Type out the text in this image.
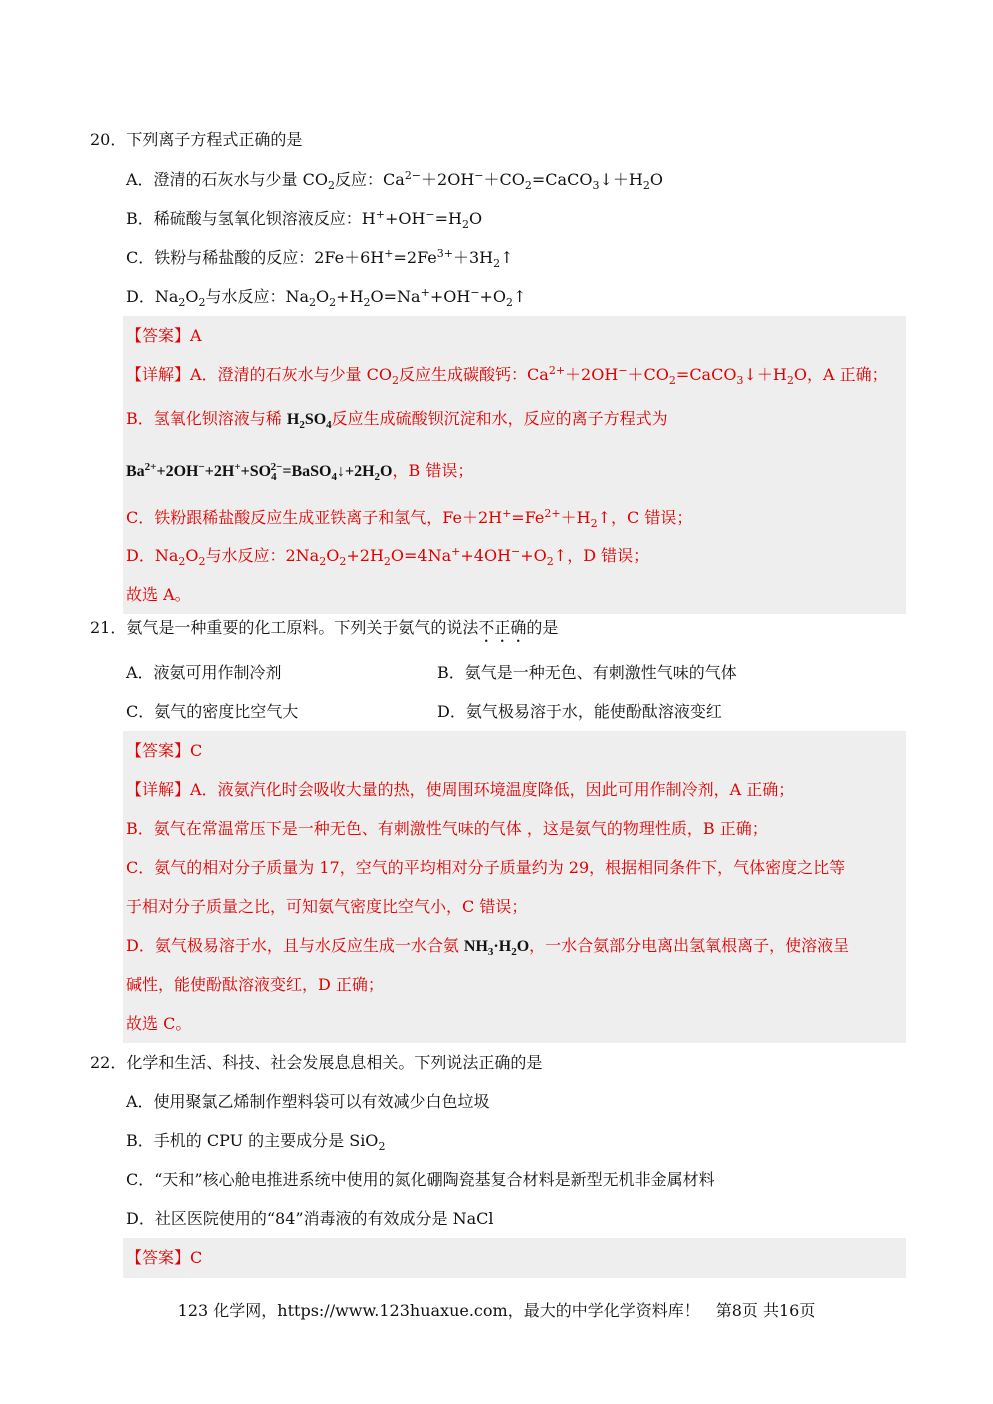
20．下列离子方程式正确的是
A．澄清的石灰水与少量 $CO_2$反应：$Ca^{2-}+2OH^-+CO_2=CaCO_3↓+H_2O$
B．稀硫酸与氢氧化钡溶液反应：$H^++OH^-=H_2O$
C．铁粉与稀盐酸的反应：$2Fe+6H^+=2Fe^{3+}+3H_2↑$
D．$Na_2O_2$与水反应：$Na_2O_2+H_2O=Na^++OH^-+O_2↑$
【答案】A
【详解】A．澄清的石灰水与少量 $CO_2$反应生成碳酸钙：$Ca^{2+}+2OH^-+CO_2=CaCO_3↓+H_2O$，A 正确；
B．氢氧化钡溶液与稀 $H_2SO_4$反应生成硫酸钡沉淀和水，反应的离子方程式为
$Ba^{2+}+2OH^-+2H^++SO_4^{2-}=BaSO_4↓+2H_2O$，B 错误；
C．铁粉跟稀盐酸反应生成亚铁离子和氢气，$Fe+2H^+=Fe^{2+}+H_2↑$，C 错误；
D．$Na_2O_2$与水反应：$2Na_2O_2+2H_2O=4Na^++4OH^-+O_2↑$，D 错误；
故选 A。
21．氨气是一种重要的化工原料。下列关于氨气的说法不正确的是
A．液氨可用作制冷剂	B．氨气是一种无色、有刺激性气味的气体
C．氨气的密度比空气大	D．氨气极易溶于水，能使酚酞溶液变红
【答案】C
【详解】A．液氨汽化时会吸收大量的热，使周围环境温度降低，因此可用作制冷剂，A 正确；
B．氨气在常温常压下是一种无色、有刺激性气味的气体 ，这是氨气的物理性质，B 正确；
C．氨气的相对分子质量为 17，空气的平均相对分子质量约为 29，根据相同条件下，气体密度之比等
于相对分子质量之比，可知氨气密度比空气小，C 错误；
D．氨气极易溶于水，且与水反应生成一水合氨 $NH_3\cdot H_2O$，一水合氨部分电离出氢氧根离子，使溶液呈
碱性，能使酚酞溶液变红，D 正确；
故选 C。
22．化学和生活、科技、社会发展息息相关。下列说法正确的是
A．使用聚氯乙烯制作塑料袋可以有效减少白色垃圾
B．手机的 CPU 的主要成分是 SiO$_2$
C．“天和”核心舱电推进系统中使用的氮化硼陶瓷基复合材料是新型无机非金属材料
D．社区医院使用的“84”消毒液的有效成分是 NaCl
【答案】C
123 化学网，https://www.123huaxue.com，最大的中学化学资料库！　第8页 共16页
